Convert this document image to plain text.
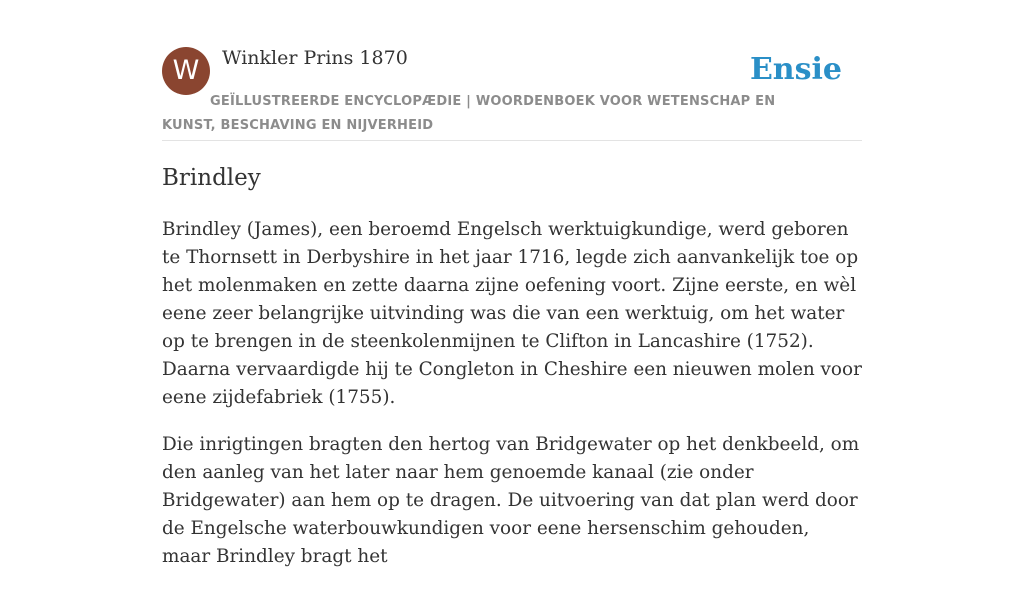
W	Winkler Prins 1870	Ensie
GEÏLLUSTREERDE ENCYCLOPÆDIE | WOORDENBOEK VOOR WETENSCHAP EN KUNST, BESCHAVING EN NIJVERHEID
Brindley

Brindley (James), een beroemd Engelsch werktuigkundige, werd geboren te Thornsett in Derbyshire in het jaar 1716, legde zich aanvankelijk toe op het molenmaken en zette daarna zijne oefening voort. Zijne eerste, en wèl eene zeer belangrijke uitvinding was die van een werktuig, om het water op te brengen in de steenkolenmijnen te Clifton in Lancashire (1752). Daarna vervaardigde hij te Congleton in Cheshire een nieuwen molen voor eene zijdefabriek (1755).

Die inrigtingen bragten den hertog van Bridgewater op het denkbeeld, om den aanleg van het later naar hem genoemde kanaal (zie onder Bridgewater) aan hem op te dragen. De uitvoering van dat plan werd door de Engelsche waterbouwkundigen voor eene hersenschim gehouden, maar Brindley bragt het
